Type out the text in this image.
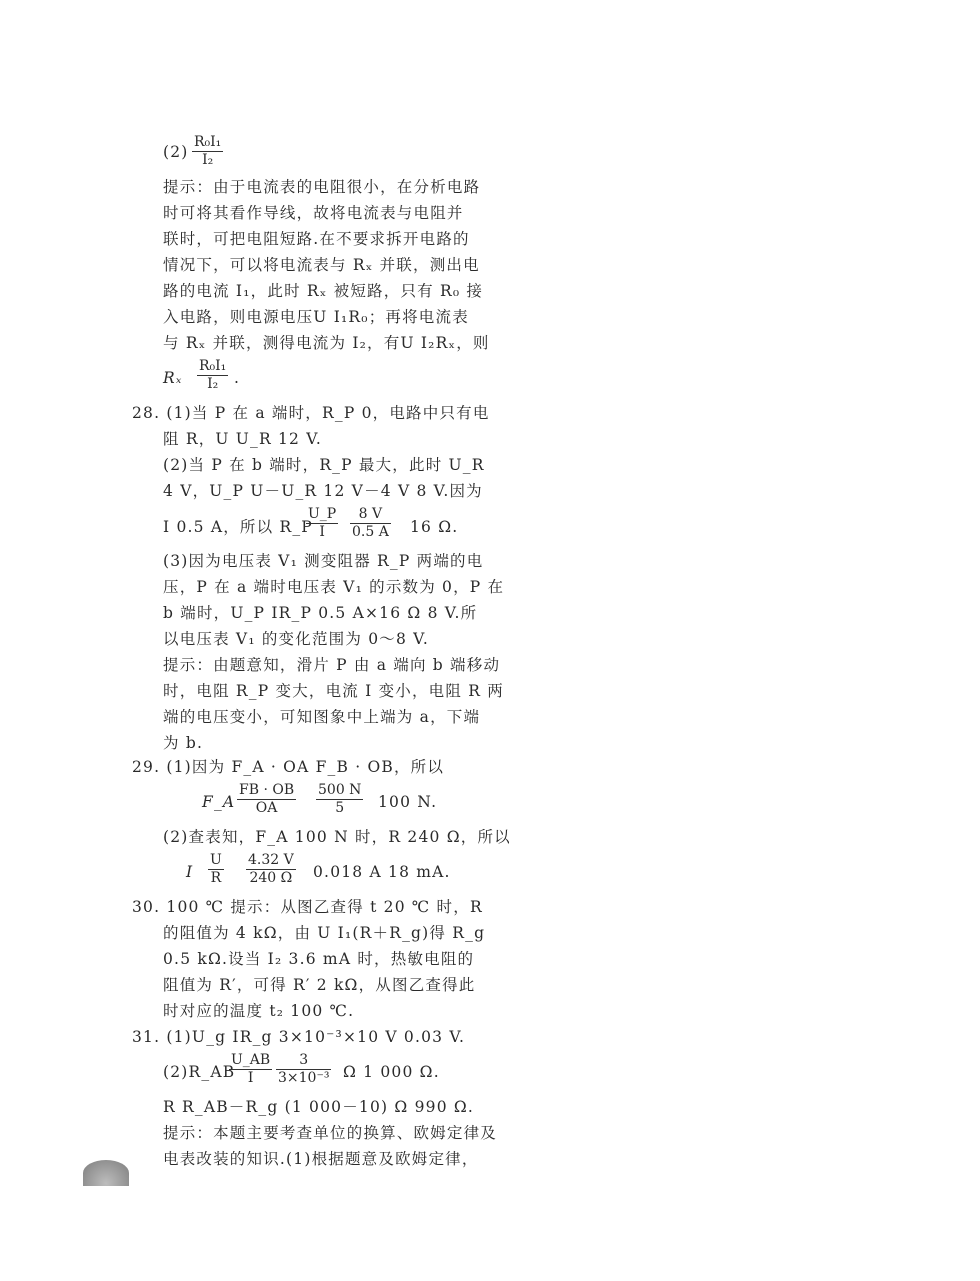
$(2) \frac{\text{R₀I₁}}{\text{I₂}}$
提示：由于电流表的电阻很小，在分析电路
时可将其看作导线，故将电流表与电阻并
联时，可把电阻短路.在不要求拆开电路的
情况下，可以将电流表与 Rₓ 并联，测出电
路的电流 I₁，此时 Rₓ 被短路，只有 R₀ 接
入电路，则电源电压U I₁R₀；再将电流表
与 Rₓ 并联，测得电流为 I₂，有U I₂Rₓ，则
Rₓ $\frac{\text{R₀I₁}}{\text{I₂}}$ .
28. (1)当 P 在 a 端时，R_P 0，电路中只有电
阻 R，U U_R 12 V.
(2)当 P 在 b 端时，R_P 最大，此时 U_R
4 V，U_P U－U_R 12 V－4 V 8 V.因为
I 0.5 A，所以 R_P
$\frac{U\_P}{I} \frac{8 V}{0.5 A} 16$ Ω.
(3)因为电压表 V₁ 测变阻器 R_P 两端的电
压，P 在 a 端时电压表 V₁ 的示数为 0，P 在
b 端时，U_P IR_P 0.5 A×16 Ω 8 V.所
以电压表 V₁ 的变化范围为 0～8 V.
提示：由题意知，滑片 P 由 a 端向 b 端移动
时，电阻 R_P 变大，电流 I 变小，电阻 R 两
端的电压变小，可知图象中上端为 a，下端
为 b.
29. (1)因为 F_A · OA F_B · OB，所以
F_A $\frac{FB \cdot OB}{OA} \frac{500 N}{5} 100$ N.
(2)查表知，F_A 100 N 时，R 240 Ω，所以
I $\frac{U}{R} \frac{4.32 V}{240 \Omega} 0.018$ A 18 mA.
30. 100 ℃ 提示：从图乙查得 t 20 ℃ 时，R
的阻值为 4 kΩ，由 U I₁(R＋R_g)得 R_g
0.5 kΩ.设当 I₂ 3.6 mA 时，热敏电阻的
阻值为 R′，可得 R′ 2 kΩ，从图乙查得此
时对应的温度 t₂ 100 ℃.
31. (1)U_g IR_g 3×10⁻³×10 V 0.03 V.
(2)R_AB
$\frac{U\_AB}{I} \frac{3}{\text{3×10⁻³}}$ Ω 1 000 Ω.
R R_AB－R_g (1 000－10) Ω 990 Ω.
提示：本题主要考查单位的换算、欧姆定律及
电表改装的知识.(1)根据题意及欧姆定律，
